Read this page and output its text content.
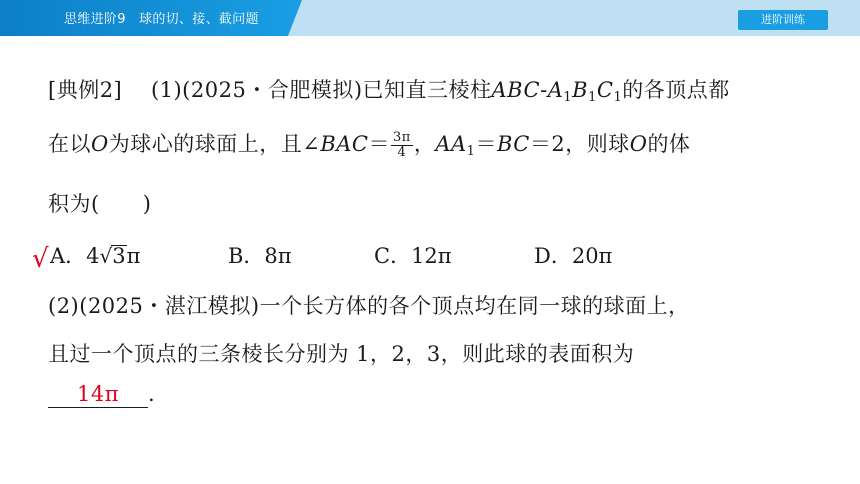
思维进阶9　球的切、接、截问题	进阶训练
[典例2]　 (1)(2025・合肥模拟)已知直三棱柱ABC-$A_1B_1C_1$的各顶点都
在以O为球心的球面上，且∠BAC＝ $\frac{3\pi}{4}$ ，$AA_1=BC=2$，则球O的体
积为(　　)
√ A．4√3π	B．8π	C．12π	D．20π
(2)(2025・湛江模拟)一个长方体的各个顶点均在同一球的球面上，
且过一个顶点的三条棱长分别为 1，2，3，则此球的表面积为
14π .
